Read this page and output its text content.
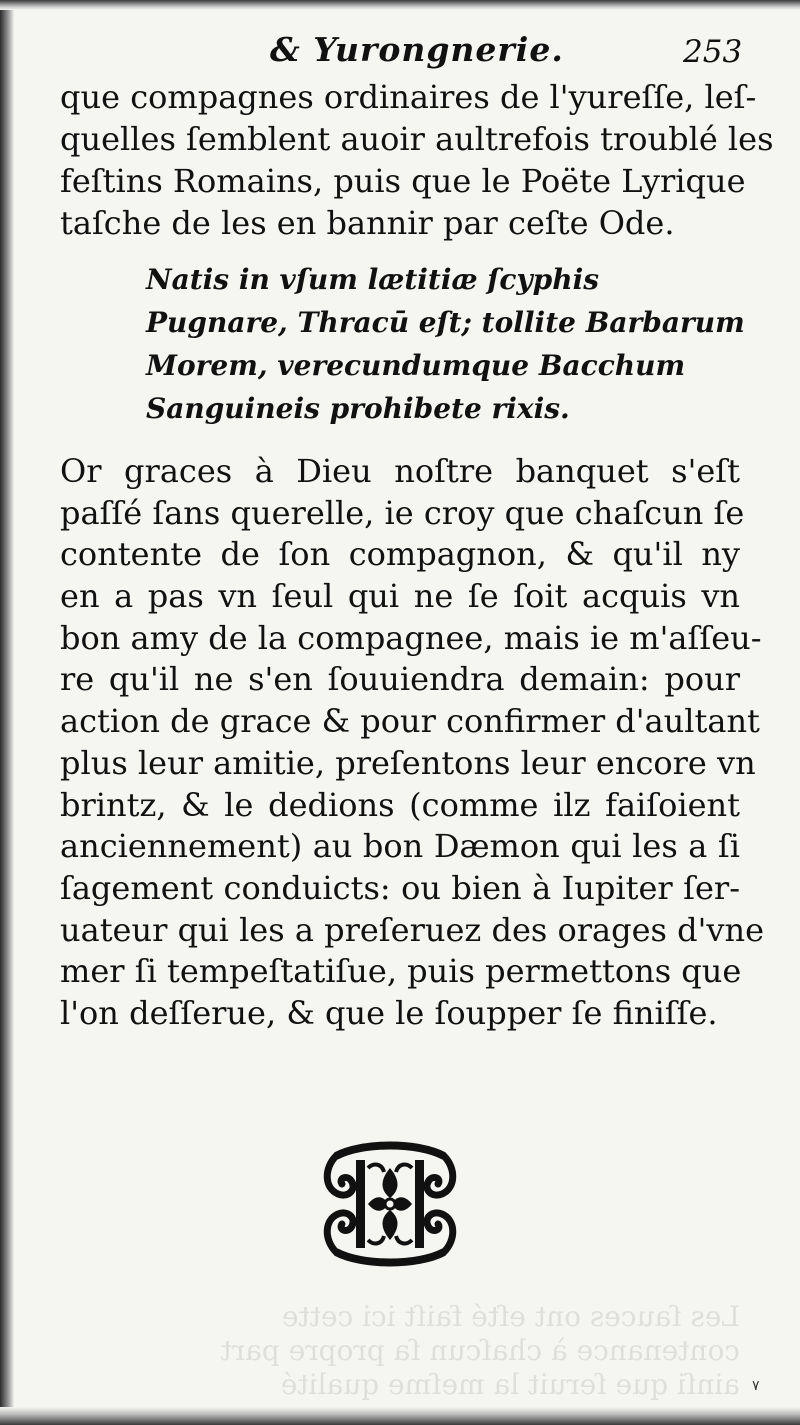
& Yurongnerie.	253
que compagnes ordinaires de l'yureſſe, leſ-
quelles ſemblent auoir aultrefois troublé les
feſtins Romains, puis que le Poëte Lyrique
taſche de les en bannir par ceſte Ode.
Natis in vſum lætitiæ ſcyphis
Pugnare, Thracū eſt; tollite Barbarum
Morem, verecundumque Bacchum
Sanguineis prohibete rixis.
Or graces à Dieu noſtre banquet s'eſt
paſſé ſans querelle, ie croy que chaſcun ſe
contente de ſon compagnon, & qu'il ny
en a pas vn ſeul qui ne ſe ſoit acquis vn
bon amy de la compagnee, mais ie m'aſſeu-
re qu'il ne s'en ſouuiendra demain: pour
action de grace & pour confirmer d'aultant
plus leur amitie, preſentons leur encore vn
brintz, & le dedions (comme ilz faiſoient
anciennement) au bon Dæmon qui les a ſi
ſagement conduicts: ou bien à Iupiter ſer-
uateur qui les a preſeruez des orages d'vne
mer ſi tempeſtatiſue, puis permettons que
l'on deſſerue, & que le ſoupper ſe finiſſe.
Les ſauces ont eſté faiſt ici cette
contenance à chaſcun ſa propre part
ainſi que ſeruit la meſme qualité ٧
